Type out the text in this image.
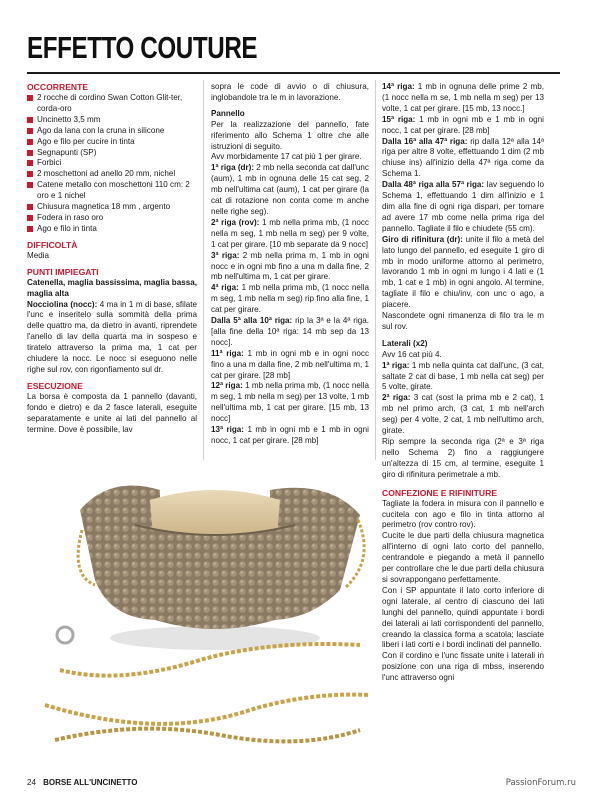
EFFETTO COUTURE
OCCORRENTE
2 rocche di cordino Swan Cotton Glit-ter, corda-oro
Uncinetto 3,5 mm
Ago da lana con la cruna in silicone
Ago e filo per cucire in tinta
Segnapunti (SP)
Forbici
2 moschettoni ad anello 20 mm, nichel
Catene metallo con moschettoni 110 cm: 2 oro e 1 nichel
Chiusura magnetica 18 mm , argento
Fodera in raso oro
Ago e filo in tinta
DIFFICOLTÀ

Media

PUNTI IMPIEGATI

Catenella, maglia bassissima, maglia bassa, maglia alta

Nocciolina (nocc): 4 ma in 1 m di base, sfilate l'unc e inseritelo sulla sommità della prima delle quattro ma, da dietro in avanti, riprendete l'anello di lav della quarta ma in sospeso e tiratelo attraverso la prima ma, 1 cat per chiudere la nocc. Le nocc si eseguono nelle righe sul rov, con rigonfiamento sul dr.

ESECUZIONE

La borsa è composta da 1 pannello (davanti, fondo e dietro) e da 2 fasce laterali, eseguite separatamente e unite ai lati del pannello al termine. Dove è possibile, lav

sopra le code di avvio o di chiusura, inglobandole tra le m in lavorazione.

Pannello

Per la realizzazione del pannello, fate riferimento allo Schema 1 oltre che alle istruzioni di seguito.

Avv morbidamente 17 cat più 1 per girare.

1ª riga (dr): 2 mb nella seconda cat dall'unc (aum), 1 mb in ognuna delle 15 cat seg, 2 mb nell'ultima cat (aum), 1 cat per girare (la cat di rotazione non conta come m anche nelle righe seg).

2ª riga (rov): 1 mb nella prima mb, (1 nocc nella m seg, 1 mb nella m seg) per 9 volte, 1 cat per girare. [10 mb separate da 9 nocc]

3ª riga: 2 mb nella prima m, 1 mb in ogni nocc e in ogni mb fino a una m dalla fine, 2 mb nell'ultima m, 1 cat per girare.

4ª riga: 1 mb nella prima mb, (1 nocc nella m seg, 1 mb nella m seg) rip fino alla fine, 1 cat per girare.

Dalla 5ª alla 10ª riga: rip la 3ª e la 4ª riga. [alla fine della 10ª riga: 14 mb sep da 13 nocc].

11ª riga: 1 mb in ogni mb e in ogni nocc fino a una m dalla fine, 2 mb nell'ultima m, 1 cat per girare. [28 mb]

12ª riga: 1 mb nella prima mb, (1 nocc nella m seg, 1 mb nella m seg) per 13 volte, 1 mb nell'ultima mb, 1 cat per girare. [15 mb, 13 nocc]

13ª riga: 1 mb in ogni mb e 1 mb in ogni nocc, 1 cat per girare. [28 mb]

14ª riga: 1 mb in ognuna delle prime 2 mb, (1 nocc nella m se, 1 mb nella m seg) per 13 volte, 1 cat per girare. [15 mb, 13 nocc.]

15ª riga: 1 mb in ogni mb e 1 mb in ogni nocc, 1 cat per girare. [28 mb]

Dalla 16ª alla 47ª riga: rip dalla 12ª alla 14ª riga per altre 8 volte, effettuando 1 dim (2 mb chiuse ins) all'inizio della 47ª riga come da Schema 1.

Dalla 48ª riga alla 57ª riga: lav seguendo lo Schema 1, effettuando 1 dim all'inizio e 1 dim alla fine di ogni riga dispari, per tornare ad avere 17 mb come nella prima riga del pannello. Tagliate il filo e chiudete (55 cm).

Giro di rifinitura (dr): unite il filo a metà del lato lungo del pannello, ed eseguite 1 giro di mb in modo uniforme attorno al perimetro, lavorando 1 mb in ogni m lungo i 4 lati e (1 mb, 1 cat e 1 mb) in ogni angolo. Al termine, tagliate il filo e chiu/inv, con unc o ago, a piacere.

Nascondete ogni rimanenza di filo tra le m sul rov.

Laterali (x2)

Avv 16 cat più 4.

1ª riga: 1 mb nella quinta cat dall'unc, (3 cat, saltate 2 cat di base, 1 mb nella cat seg) per 5 volte, girate.

2ª riga: 3 cat (sost la prima mb e 2 cat), 1 mb nel primo arch, (3 cat, 1 mb nell'arch seg) per 4 volte, 2 cat, 1 mb nell'ultimo arch, girate.

Rip sempre la seconda riga (2ª e 3ª riga nello Schema 2) fino a raggiungere un'altezza di 15 cm, al termine, eseguite 1 giro di rifinitura perimetrale a mb.

CONFEZIONE E RIFINITURE

Tagliate la fodera in misura con il pannello e cucitela con ago e filo in tinta attorno al perimetro (rov contro rov).

Cucite le due parti della chiusura magnetica all'interno di ogni lato corto del pannello, centrandole e piegando a metà il pannello per controllare che le due parti della chiusura si sovrappongano perfettamente.

Con i SP appuntate il lato corto inferiore di ogni laterale, al centro di ciascuno dei lati lunghi del pannello, quindi appuntate i bordi dei laterali ai lati corrispondenti del pannello, creando la classica forma a scatola; lasciate liberi i lati corti e i bordi inclinati del pannello.

Con il cordino e l'unc fissate unite i laterali in posizione con una riga di mbss, inserendo l'unc attraverso ogni

24 BORSE ALL'UNCINETTO	PassionForum.ru
